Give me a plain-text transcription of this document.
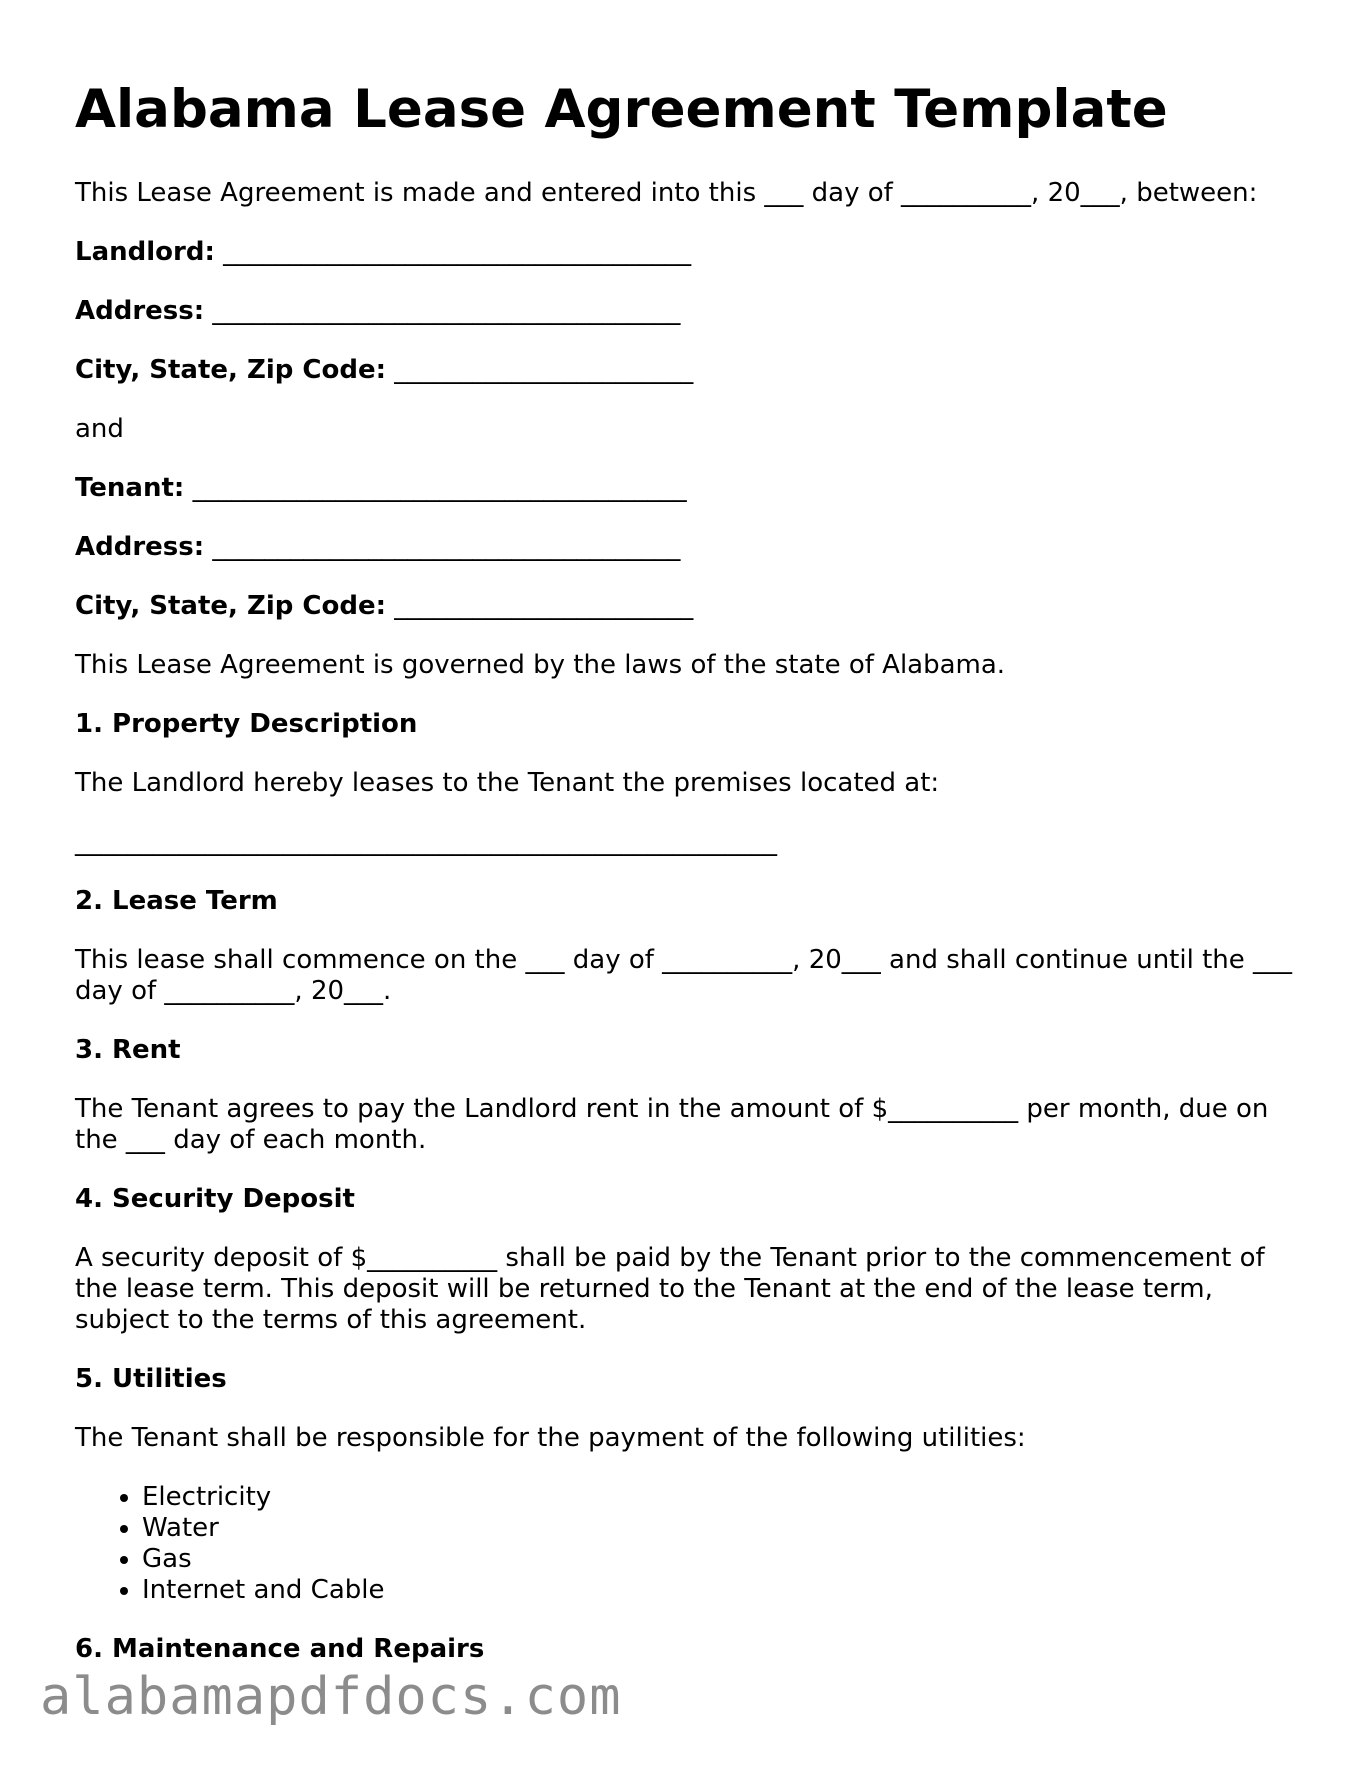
Alabama Lease Agreement Template

This Lease Agreement is made and entered into this ___ day of __________, 20___, between:

Landlord: ____________________________________
Address: ____________________________________
City, State, Zip Code: _______________________

and

Tenant: ______________________________________
Address: ____________________________________
City, State, Zip Code: _______________________

This Lease Agreement is governed by the laws of the state of Alabama.

1. Property Description

The Landlord hereby leases to the Tenant the premises located at:

______________________________________________________
2. Lease Term

This lease shall commence on the ___ day of __________, 20___ and shall continue until the ___ day of __________, 20___.

3. Rent

The Tenant agrees to pay the Landlord rent in the amount of $__________ per month, due on the ___ day of each month.

4. Security Deposit

A security deposit of $__________ shall be paid by the Tenant prior to the commencement of the lease term. This deposit will be returned to the Tenant at the end of the lease term, subject to the terms of this agreement.

5. Utilities

The Tenant shall be responsible for the payment of the following utilities:

• Electricity
• Water
• Gas
• Internet and Cable
6. Maintenance and Repairs
alabamapdfdocs.com
